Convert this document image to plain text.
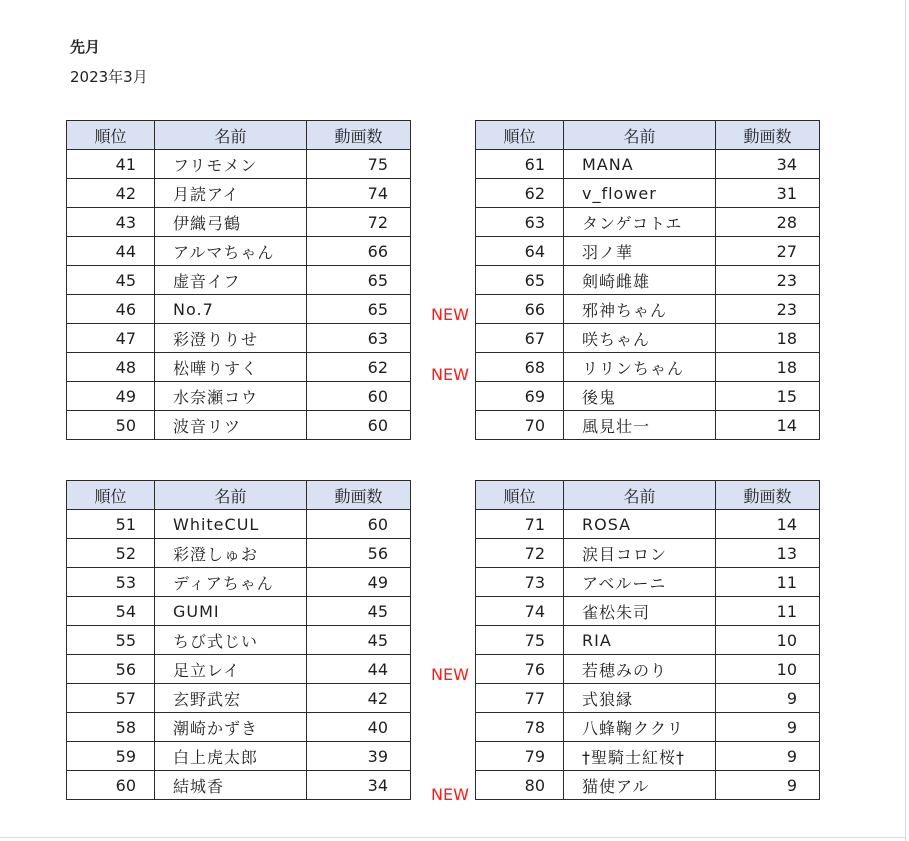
先月
2023年3月
順位	名前	動画数
41	フリモメン	75
42	月読アイ	74
43	伊織弓鶴	72
44	アルマちゃん	66
45	虚音イフ	65
46	No.7	65
47	彩澄りりせ	63
48	松嘩りすく	62
49	水奈瀬コウ	60
50	波音リツ	60
順位	名前	動画数
61	MANA	34
62	v_flower	31
63	タンゲコトエ	28
64	羽ノ華	27
65	剣崎雌雄	23
66	邪神ちゃん	23
67	咲ちゃん	18
68	リリンちゃん	18
69	後鬼	15
70	風見壮一	14
順位	名前	動画数
51	WhiteCUL	60
52	彩澄しゅお	56
53	ディアちゃん	49
54	GUMI	45
55	ちび式じい	45
56	足立レイ	44
57	玄野武宏	42
58	潮崎かずき	40
59	白上虎太郎	39
60	結城香	34
順位	名前	動画数
71	ROSA	14
72	涙目コロン	13
73	アベルーニ	11
74	雀松朱司	11
75	RIA	10
76	若穂みのり	10
77	式狼縁	9
78	八蜂鞠ククリ	9
79	†聖騎士紅桜†	9
80	猫使アル	9
NEW
NEW
NEW
NEW
